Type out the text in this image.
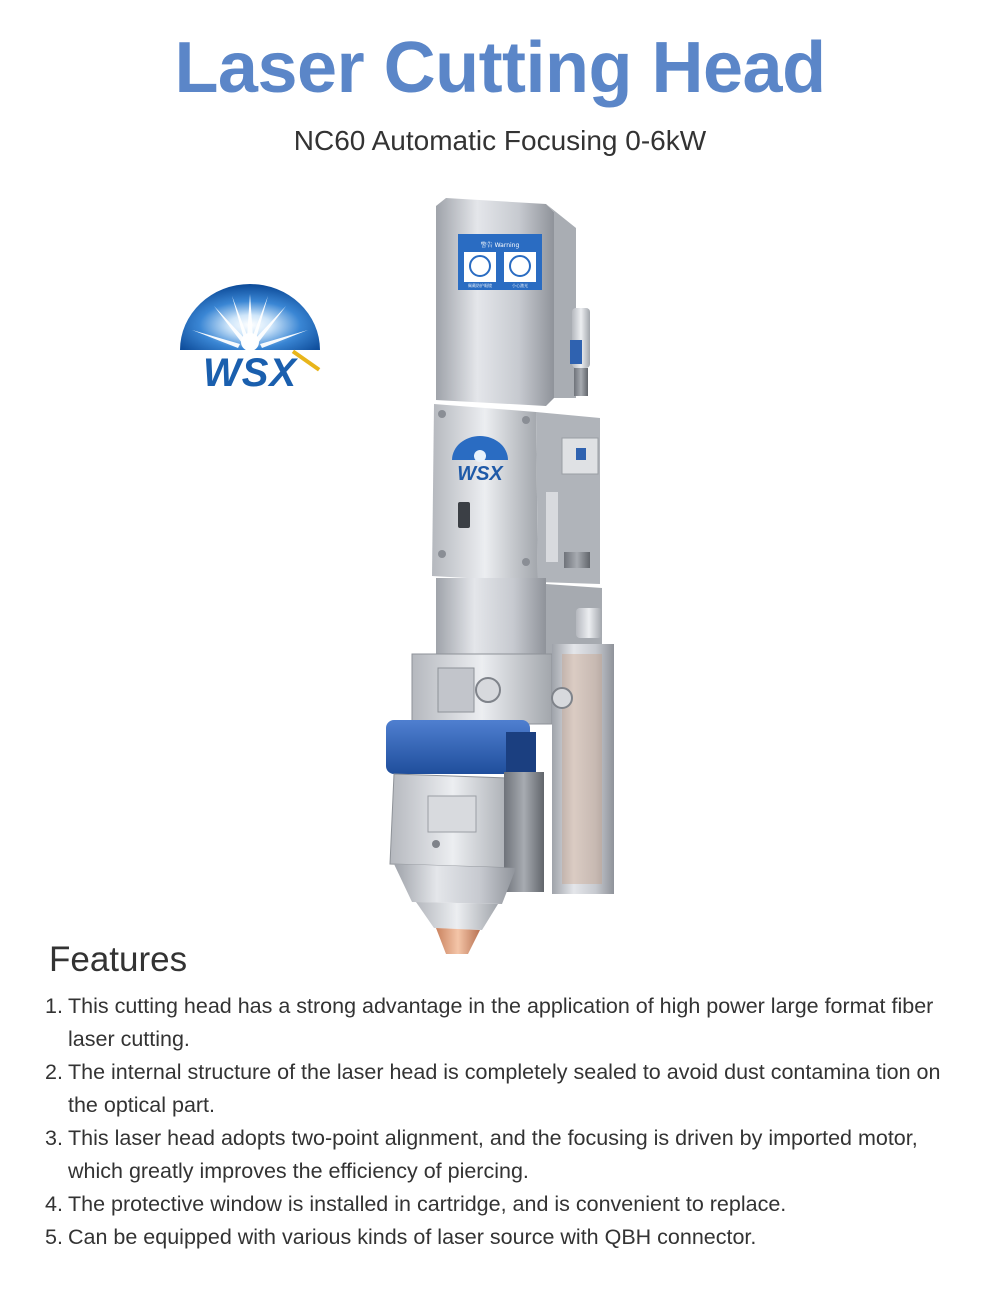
Laser Cutting Head
NC60 Automatic Focusing 0-6kW
WSX
警告 Warning
佩戴防护眼镜	小心激光
WSX
Features
1. This cutting head has a strong advantage in the application of high power large format fiber laser cutting.
2. The internal structure of the laser head is completely sealed to avoid dust contamina tion on the optical part.
3. This laser head adopts two-point alignment, and the focusing is driven by imported motor, which greatly improves the efficiency of piercing.
4. The protective window is installed in cartridge, and is convenient to replace.
5. Can be equipped with various kinds of laser source with QBH connector.
